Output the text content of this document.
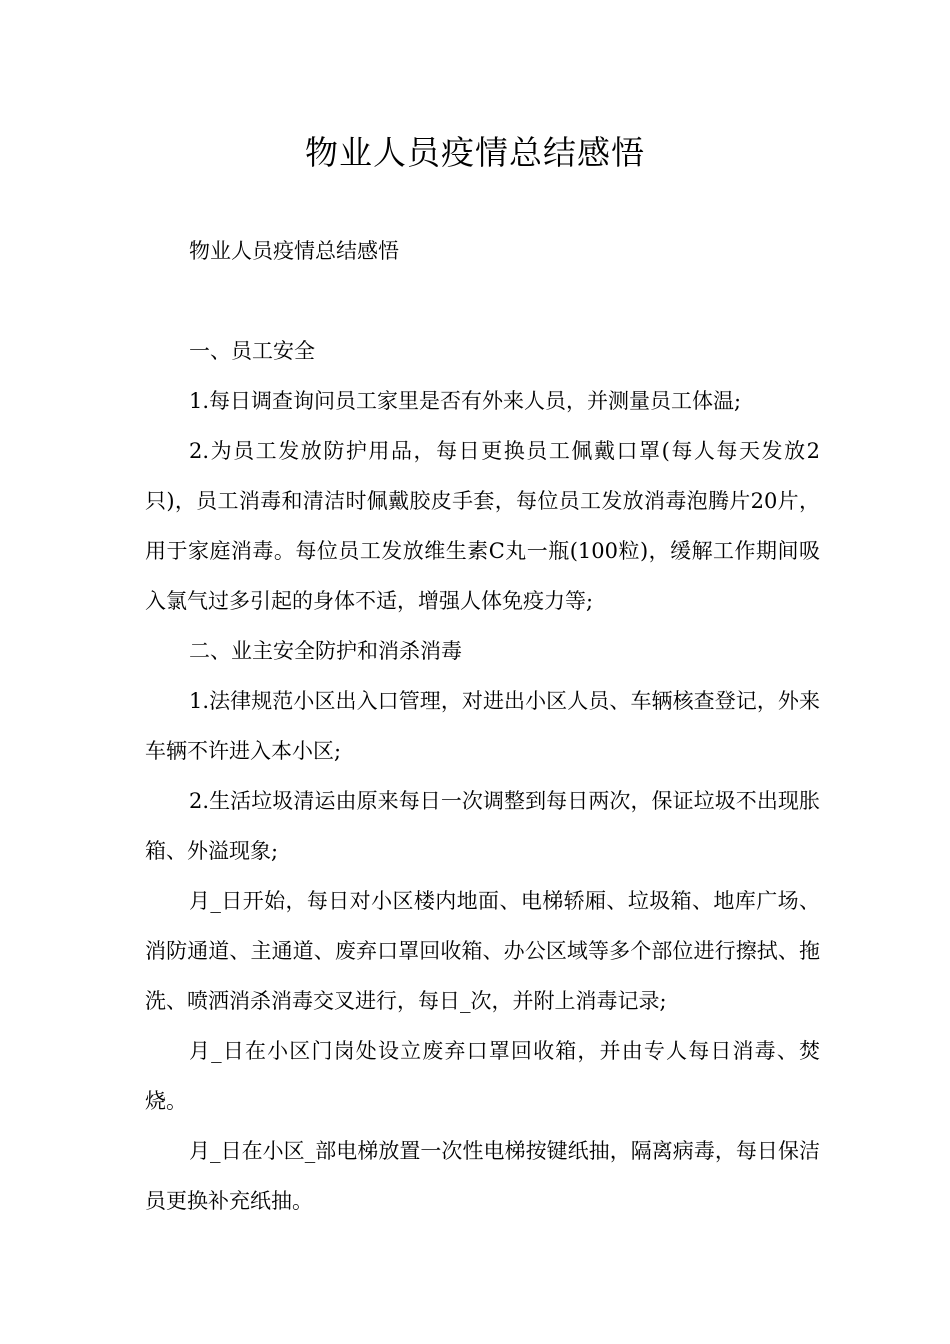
物业人员疫情总结感悟

物业人员疫情总结感悟

一、员工安全

1.每日调查询问员工家里是否有外来人员，并测量员工体温;

2.为员工发放防护用品，每日更换员工佩戴口罩(每人每天发放2只)，员工消毒和清洁时佩戴胶皮手套，每位员工发放消毒泡腾片20片，用于家庭消毒。每位员工发放维生素C丸一瓶(100粒)，缓解工作期间吸入氯气过多引起的身体不适，增强人体免疫力等;

二、业主安全防护和消杀消毒

1.法律规范小区出入口管理，对进出小区人员、车辆核查登记，外来车辆不许进入本小区;

2.生活垃圾清运由原来每日一次调整到每日两次，保证垃圾不出现胀箱、外溢现象;

月_日开始，每日对小区楼内地面、电梯轿厢、垃圾箱、地库广场、消防通道、主通道、废弃口罩回收箱、办公区域等多个部位进行擦拭、拖洗、喷洒消杀消毒交叉进行，每日_次，并附上消毒记录;

月_日在小区门岗处设立废弃口罩回收箱，并由专人每日消毒、焚烧。

月_日在小区_部电梯放置一次性电梯按键纸抽，隔离病毒，每日保洁员更换补充纸抽。
